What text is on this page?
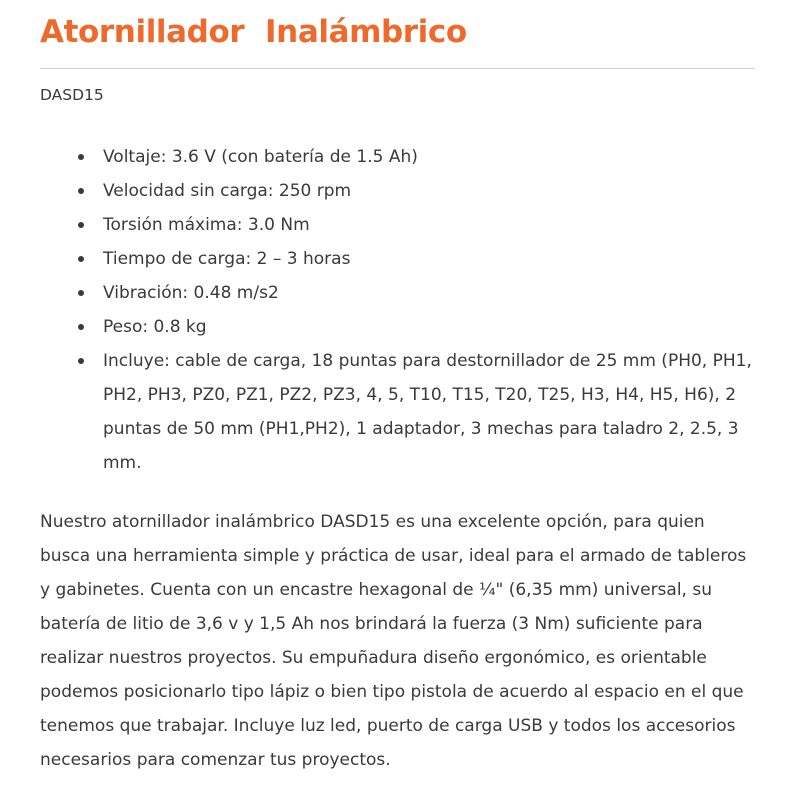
Atornillador  Inalámbrico
DASD15
Voltaje: 3.6 V (con batería de 1.5 Ah)
Velocidad sin carga: 250 rpm
Torsión máxima: 3.0 Nm
Tiempo de carga: 2 – 3 horas
Vibración: 0.48 m/s2
Peso: 0.8 kg
Incluye: cable de carga, 18 puntas para destornillador de 25 mm (PH0, PH1, PH2, PH3, PZ0, PZ1, PZ2, PZ3, 4, 5, T10, T15, T20, T25, H3, H4, H5, H6), 2 puntas de 50 mm (PH1,PH2), 1 adaptador, 3 mechas para taladro 2, 2.5, 3 mm.

Nuestro atornillador inalámbrico DASD15 es una excelente opción, para quien busca una herramienta simple y práctica de usar, ideal para el armado de tableros y gabinetes. Cuenta con un encastre hexagonal de ¼" (6,35 mm) universal, su batería de litio de 3,6 v y 1,5 Ah nos brindará la fuerza (3 Nm) suficiente para realizar nuestros proyectos. Su empuñadura diseño ergonómico, es orientable podemos posicionarlo tipo lápiz o bien tipo pistola de acuerdo al espacio en el que tenemos que trabajar. Incluye luz led, puerto de carga USB y todos los accesorios necesarios para comenzar tus proyectos.
